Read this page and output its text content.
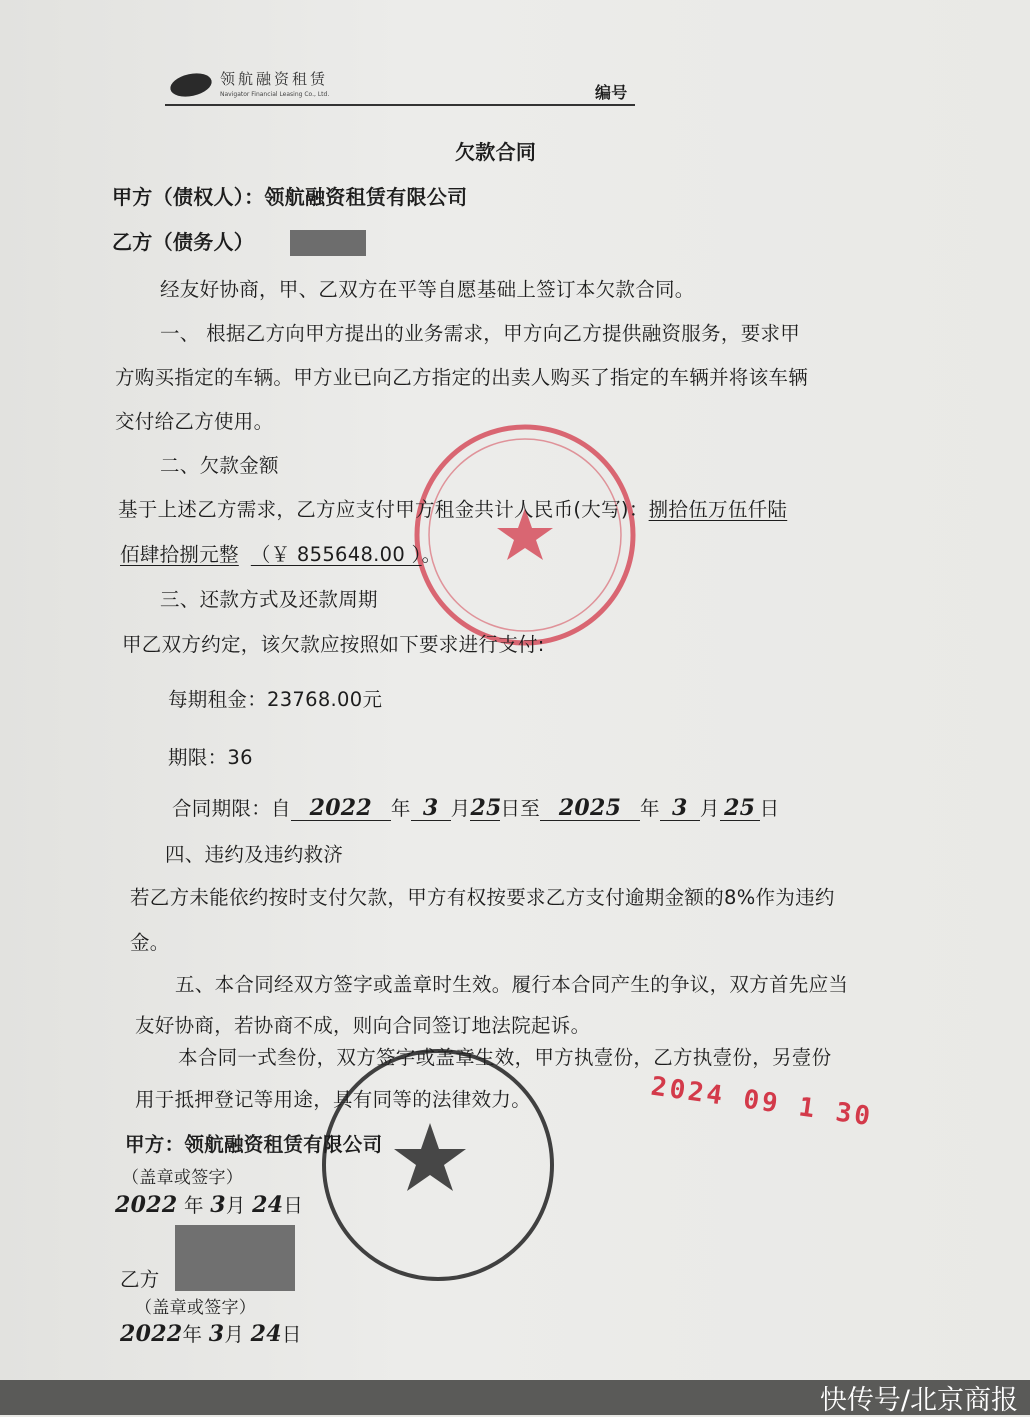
领航融资租赁
Navigator Financial Leasing Co., Ltd.	编号
欠款合同
甲方（债权人）：领航融资租赁有限公司
乙方（债务人）
经友好协商，甲、乙双方在平等自愿基础上签订本欠款合同。
一、 根据乙方向甲方提出的业务需求，甲方向乙方提供融资服务，要求甲
方购买指定的车辆。甲方业已向乙方指定的出卖人购买了指定的车辆并将该车辆
交付给乙方使用。
二、欠款金额
基于上述乙方需求，乙方应支付甲方租金共计人民币(大写)：捌拾伍万伍仟陆
佰肆拾捌元整 （￥ 855648.00 ）。
三、还款方式及还款周期
甲乙双方约定，该欠款应按照如下要求进行支付:
每期租金：23768.00元
期限：36
合同期限：自 2022 年 3 月25日至 2025 年 3 月 25 日
四、违约及违约救济
若乙方未能依约按时支付欠款，甲方有权按要求乙方支付逾期金额的8%作为违约
金。
五、本合同经双方签字或盖章时生效。履行本合同产生的争议，双方首先应当
友好协商，若协商不成，则向合同签订地法院起诉。
本合同一式叁份，双方签字或盖章生效，甲方执壹份，乙方执壹份，另壹份
用于抵押登记等用途，具有同等的法律效力。
甲方：领航融资租赁有限公司
（盖章或签字）
2022 年 3月 24日
乙方
（盖章或签字）
2022年 3月 24日
2024 09 1 30
快传号/北京商报
